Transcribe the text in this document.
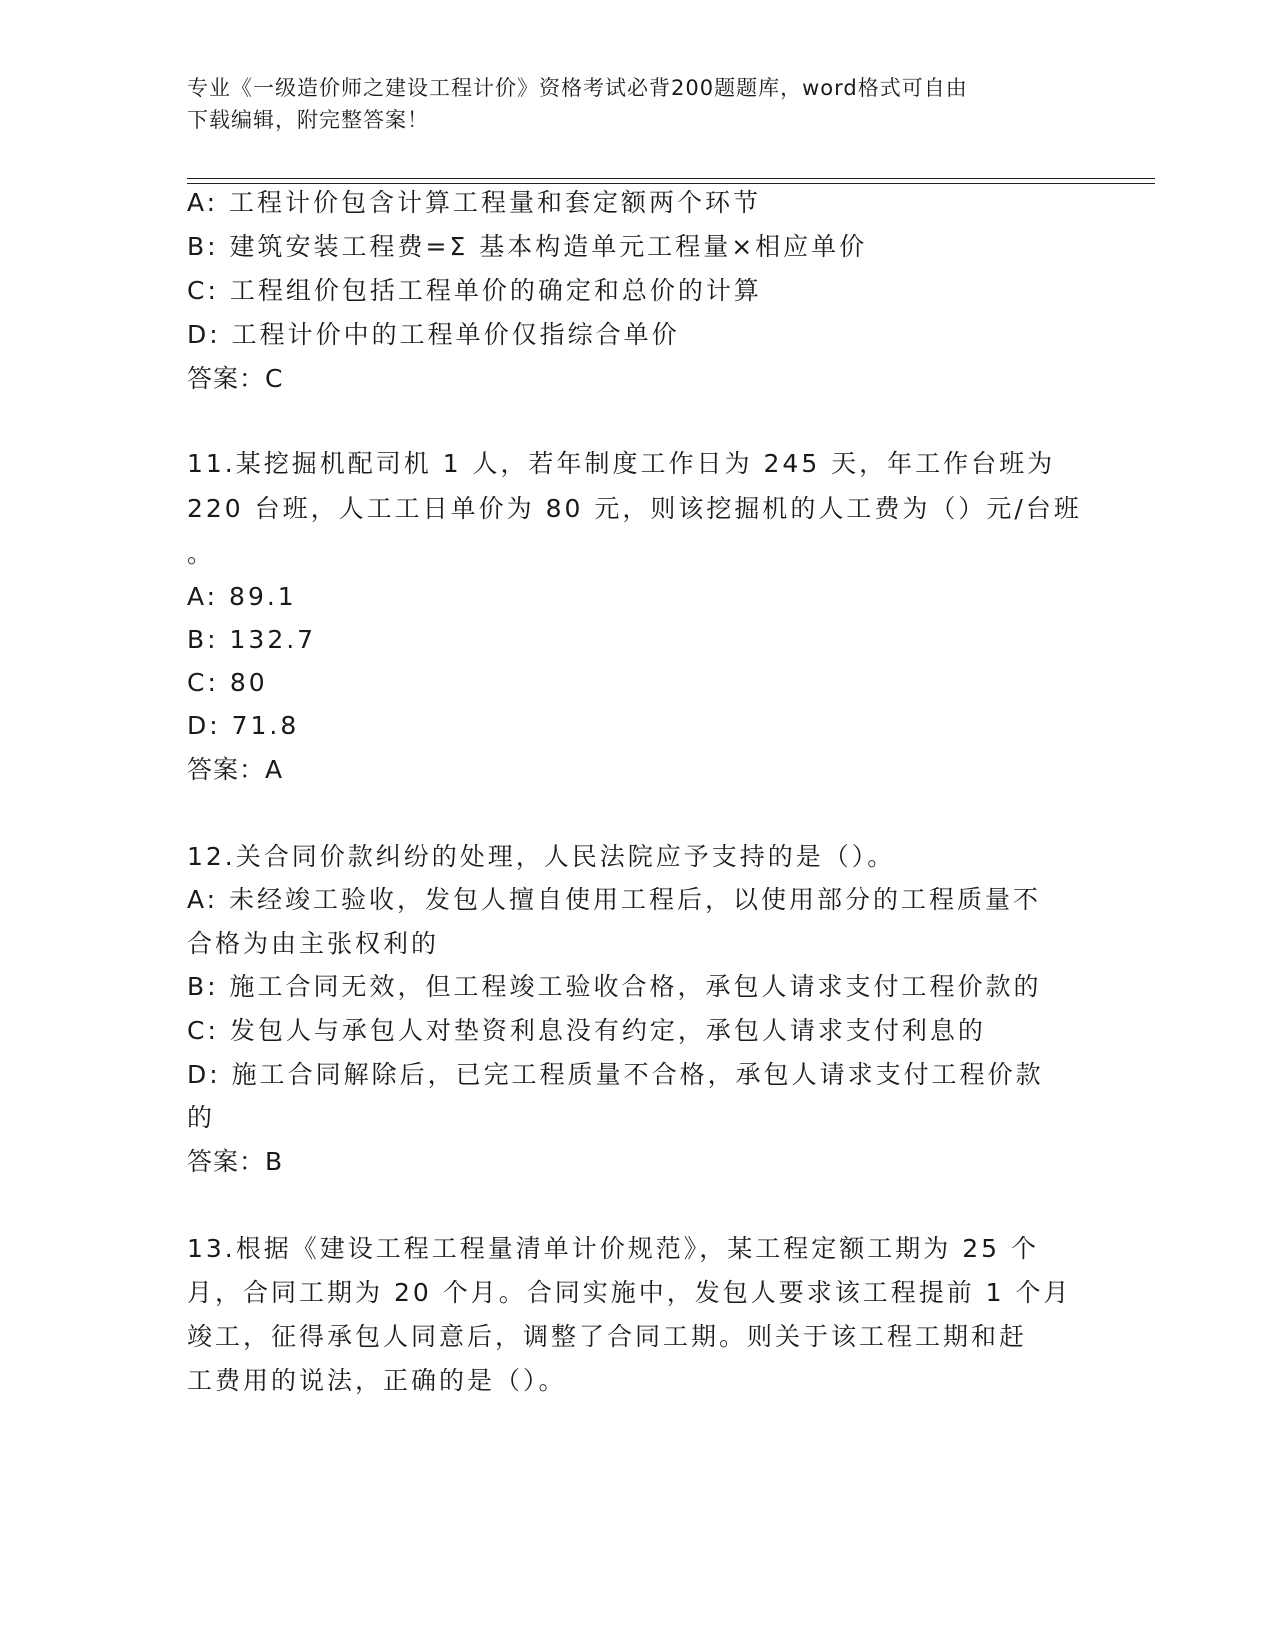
专业《一级造价师之建设工程计价》资格考试必背200题题库，word格式可自由
下载编辑，附完整答案！
A: 工程计价包含计算工程量和套定额两个环节
B: 建筑安装工程费=Σ 基本构造单元工程量×相应单价
C: 工程组价包括工程单价的确定和总价的计算
D: 工程计价中的工程单价仅指综合单价
答案：C
11.某挖掘机配司机 1 人，若年制度工作日为 245 天，年工作台班为
220 台班，人工工日单价为 80 元，则该挖掘机的人工费为（）元/台班
。
A: 89.1
B: 132.7
C: 80
D: 71.8
答案：A
12.关合同价款纠纷的处理，人民法院应予支持的是（）。
A: 未经竣工验收，发包人擅自使用工程后，以使用部分的工程质量不
合格为由主张权利的
B: 施工合同无效，但工程竣工验收合格，承包人请求支付工程价款的
C: 发包人与承包人对垫资利息没有约定，承包人请求支付利息的
D: 施工合同解除后，已完工程质量不合格，承包人请求支付工程价款
的
答案：B
13.根据《建设工程工程量清单计价规范》，某工程定额工期为 25 个
月，合同工期为 20 个月。合同实施中，发包人要求该工程提前 1 个月
竣工，征得承包人同意后，调整了合同工期。则关于该工程工期和赶
工费用的说法，正确的是（）。
